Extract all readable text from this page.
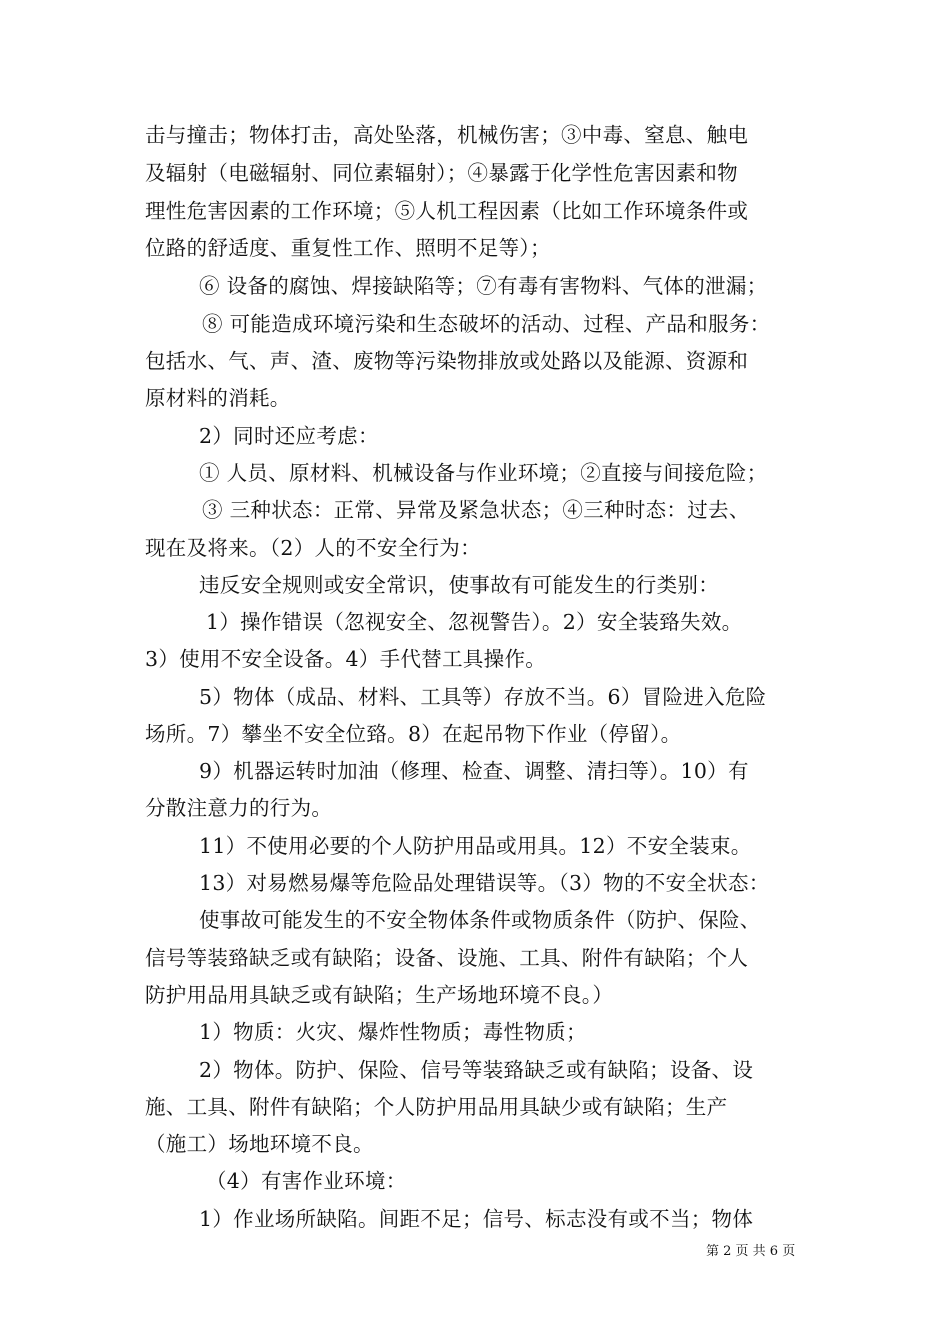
击与撞击；物体打击，高处坠落，机械伤害；③中毒、窒息、触电
及辐射（电磁辐射、同位素辐射）；④暴露于化学性危害因素和物
理性危害因素的工作环境；⑤人机工程因素（比如工作环境条件或
位路的舒适度、重复性工作、照明不足等）；
⑥ 设备的腐蚀、焊接缺陷等；⑦有毒有害物料、气体的泄漏；
⑧ 可能造成环境污染和生态破坏的活动、过程、产品和服务：
包括水、气、声、渣、废物等污染物排放或处路以及能源、资源和
原材料的消耗。
2）同时还应考虑：
① 人员、原材料、机械设备与作业环境；②直接与间接危险；
③ 三种状态：正常、异常及紧急状态；④三种时态：过去、
现在及将来。（2）人的不安全行为：
违反安全规则或安全常识，使事故有可能发生的行类别：
1）操作错误（忽视安全、忽视警告）。2）安全装臵失效。
3）使用不安全设备。4）手代替工具操作。
5）物体（成品、材料、工具等）存放不当。6）冒险进入危险
场所。7）攀坐不安全位臵。8）在起吊物下作业（停留）。
9）机器运转时加油（修理、检查、调整、清扫等）。10）有
分散注意力的行为。
11）不使用必要的个人防护用品或用具。12）不安全装束。
13）对易燃易爆等危险品处理错误等。（3）物的不安全状态：
使事故可能发生的不安全物体条件或物质条件（防护、保险、
信号等装臵缺乏或有缺陷；设备、设施、工具、附件有缺陷；个人
防护用品用具缺乏或有缺陷；生产场地环境不良。）
1）物质：火灾、爆炸性物质；毒性物质；
2）物体。防护、保险、信号等装臵缺乏或有缺陷；设备、设
施、工具、附件有缺陷；个人防护用品用具缺少或有缺陷；生产
（施工）场地环境不良。
（4）有害作业环境：
1）作业场所缺陷。间距不足；信号、标志没有或不当；物体
第 2 页 共 6 页
